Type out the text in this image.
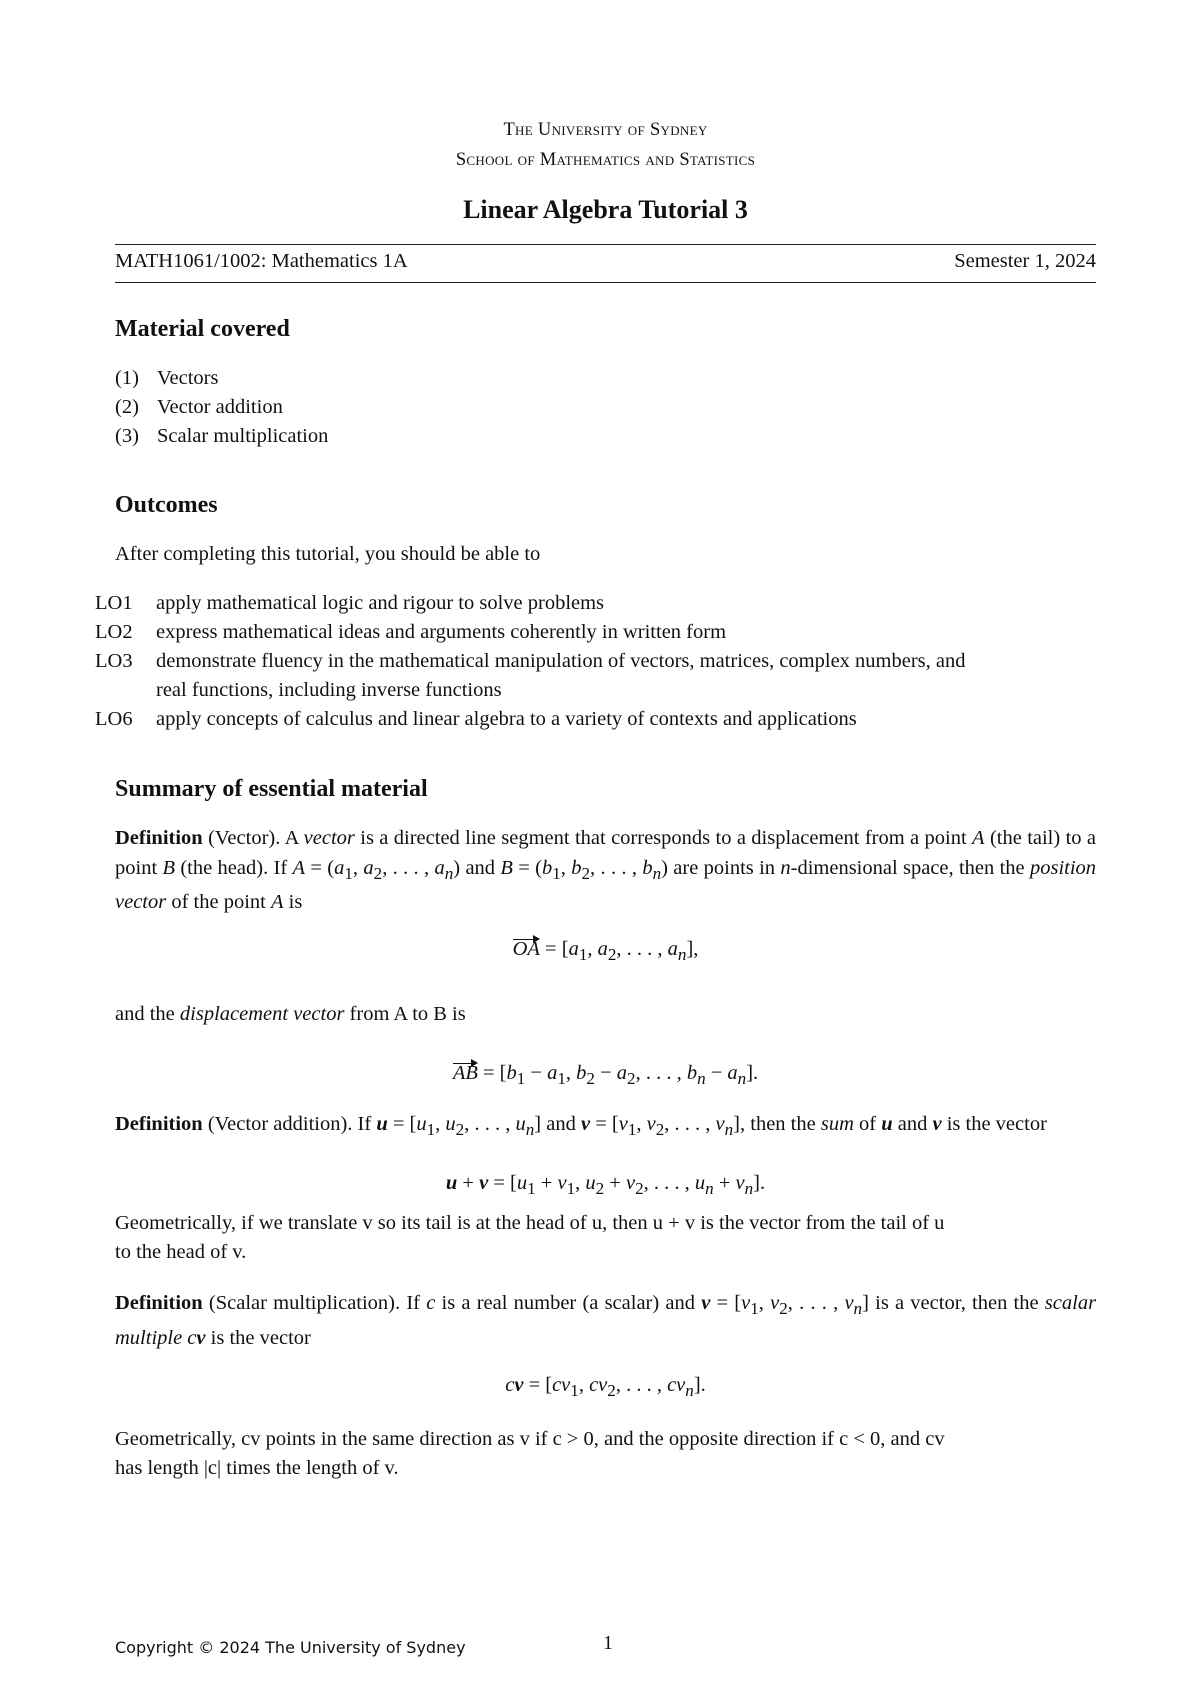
The University of Sydney
School of Mathematics and Statistics
Linear Algebra Tutorial 3
MATH1061/1002: Mathematics 1A	Semester 1, 2024
Material covered
(1) Vectors
(2) Vector addition
(3) Scalar multiplication
Outcomes
After completing this tutorial, you should be able to
LO1	apply mathematical logic and rigour to solve problems
LO2	express mathematical ideas and arguments coherently in written form
LO3	demonstrate fluency in the mathematical manipulation of vectors, matrices, complex numbers, and
real functions, including inverse functions
LO6	apply concepts of calculus and linear algebra to a variety of contexts and applications
Summary of essential material
Definition (Vector). A vector is a directed line segment that corresponds to a displacement from a point A (the tail) to a point B (the head). If $A = (a_1$, $a_2$, . . . , $a_n$) and $B = (b_1$, $b_2$, . . . , $b_n$) are points in n-dimensional space, then the position vector of the point A is
OA = [$a_1$, $a_2$, . . . , $a_n$],
and the displacement vector from A to B is
AB = [$b_1 - a_1$, $b_2 - a_2$, . . . , $b_n - a_n$].
Definition (Vector addition). If $u = [u_1$, $u_2$, . . . , $u_n$] and $v = [v_1$, $v_2$, . . . , $v_n$], then the sum of u and v is the vector
$u + v = [u_1 + v_1$, $u_2 + v_2$, . . . , $u_n + v_n$].
Geometrically, if we translate v so its tail is at the head of u, then u + v is the vector from the tail of u
to the head of v.
Definition (Scalar multiplication). If c is a real number (a scalar) and $v = [v_1$, $v_2$, . . . , $v_n$] is a vector, then the scalar multiple cv is the vector
cv = [$cv_1$, $cv_2$, . . . , $cv_n$].
Geometrically, cv points in the same direction as v if c > 0, and the opposite direction if c < 0, and cv
has length |c| times the length of v.
Copyright © 2024 The University of Sydney	1
